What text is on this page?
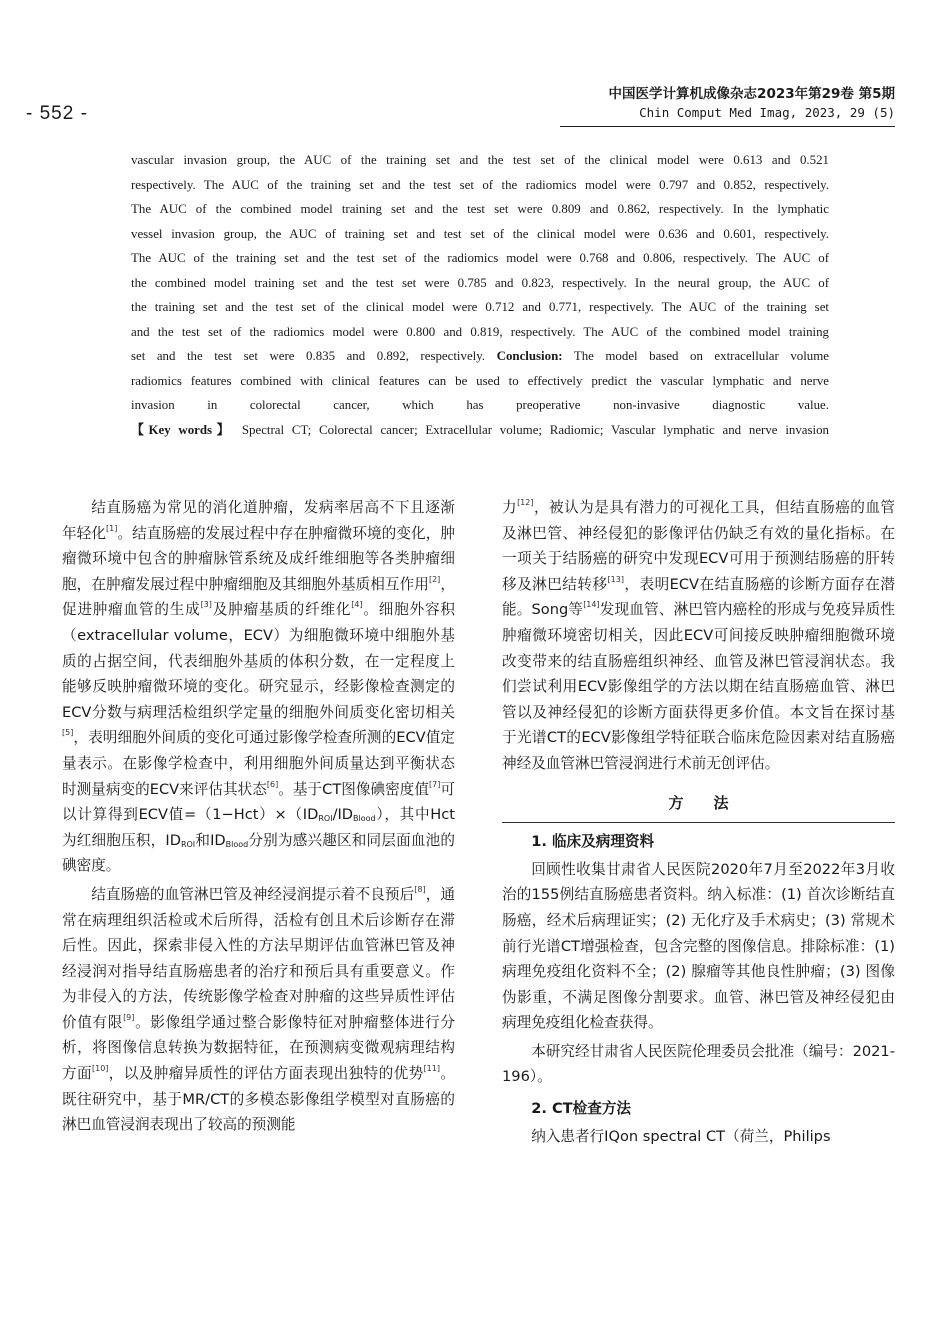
- 552 -
中国医学计算机成像杂志2023年第29卷 第5期
Chin Comput Med Imag, 2023, 29 (5)
vascular invasion group, the AUC of the training set and the test set of the clinical model were 0.613 and 0.521 respectively. The AUC of the training set and the test set of the radiomics model were 0.797 and 0.852, respectively. The AUC of the combined model training set and the test set were 0.809 and 0.862, respectively. In the lymphatic vessel invasion group, the AUC of training set and test set of the clinical model were 0.636 and 0.601, respectively. The AUC of the training set and the test set of the radiomics model were 0.768 and 0.806, respectively. The AUC of the combined model training set and the test set were 0.785 and 0.823, respectively. In the neural group, the AUC of the training set and the test set of the clinical model were 0.712 and 0.771, respectively. The AUC of the training set and the test set of the radiomics model were 0.800 and 0.819, respectively. The AUC of the combined model training set and the test set were 0.835 and 0.892, respectively. Conclusion: The model based on extracellular volume radiomics features combined with clinical features can be used to effectively predict the vascular lymphatic and nerve invasion in colorectal cancer, which has preoperative non-invasive diagnostic value. 【Key words】 Spectral CT; Colorectal cancer; Extracellular volume; Radiomic; Vascular lymphatic and nerve invasion

结直肠癌为常见的消化道肿瘤，发病率居高不下且逐渐年轻化[1]。结直肠癌的发展过程中存在肿瘤微环境的变化，肿瘤微环境中包含的肿瘤脉管系统及成纤维细胞等各类肿瘤细胞，在肿瘤发展过程中肿瘤细胞及其细胞外基质相互作用[2]，促进肿瘤血管的生成[3]及肿瘤基质的纤维化[4]。细胞外容积（extracellular volume，ECV）为细胞微环境中细胞外基质的占据空间，代表细胞外基质的体积分数，在一定程度上能够反映肿瘤微环境的变化。研究显示，经影像检查测定的ECV分数与病理活检组织学定量的细胞外间质变化密切相关[5]，表明细胞外间质的变化可通过影像学检查所测的ECV值定量表示。在影像学检查中，利用细胞外间质量达到平衡状态时测量病变的ECV来评估其状态[6]。基于CT图像碘密度值[7]可以计算得到ECV值$=(1-Hct)\times(ID_{ROI}/ID_{Blood})$，其中Hct为红细胞压积，$ID_{ROI}$和$ID_{Blood}$分别为感兴趣区和同层面血池的碘密度。

结直肠癌的血管淋巴管及神经浸润提示着不良预后[8]，通常在病理组织活检或术后所得，活检有创且术后诊断存在滞后性。因此，探索非侵入性的方法早期评估血管淋巴管及神经浸润对指导结直肠癌患者的治疗和预后具有重要意义。作为非侵入的方法，传统影像学检查对肿瘤的这些异质性评估价值有限[9]。影像组学通过整合影像特征对肿瘤整体进行分析，将图像信息转换为数据特征，在预测病变微观病理结构方面[10]，以及肿瘤异质性的评估方面表现出独特的优势[11]。既往研究中，基于MR/CT的多模态影像组学模型对直肠癌的淋巴血管浸润表现出了较高的预测能

力[12]，被认为是具有潜力的可视化工具，但结直肠癌的血管及淋巴管、神经侵犯的影像评估仍缺乏有效的量化指标。在一项关于结肠癌的研究中发现ECV可用于预测结肠癌的肝转移及淋巴结转移[13]，表明ECV在结直肠癌的诊断方面存在潜能。Song等[14]发现血管、淋巴管内癌栓的形成与免疫异质性肿瘤微环境密切相关，因此ECV可间接反映肿瘤细胞微环境改变带来的结直肠癌组织神经、血管及淋巴管浸润状态。我们尝试利用ECV影像组学的方法以期在结直肠癌血管、淋巴管以及神经侵犯的诊断方面获得更多价值。本文旨在探讨基于光谱CT的ECV影像组学特征联合临床危险因素对结直肠癌神经及血管淋巴管浸润进行术前无创评估。

方法
1. 临床及病理资料

回顾性收集甘肃省人民医院2020年7月至2022年3月收治的155例结直肠癌患者资料。纳入标准：(1) 首次诊断结直肠癌，经术后病理证实；(2) 无化疗及手术病史；(3) 常规术前行光谱CT增强检查，包含完整的图像信息。排除标准：(1) 病理免疫组化资料不全；(2) 腺瘤等其他良性肿瘤；(3) 图像伪影重，不满足图像分割要求。血管、淋巴管及神经侵犯由病理免疫组化检查获得。

本研究经甘肃省人民医院伦理委员会批准（编号：2021-196）。

2. CT检查方法

纳入患者行IQon spectral CT（荷兰，Philips
